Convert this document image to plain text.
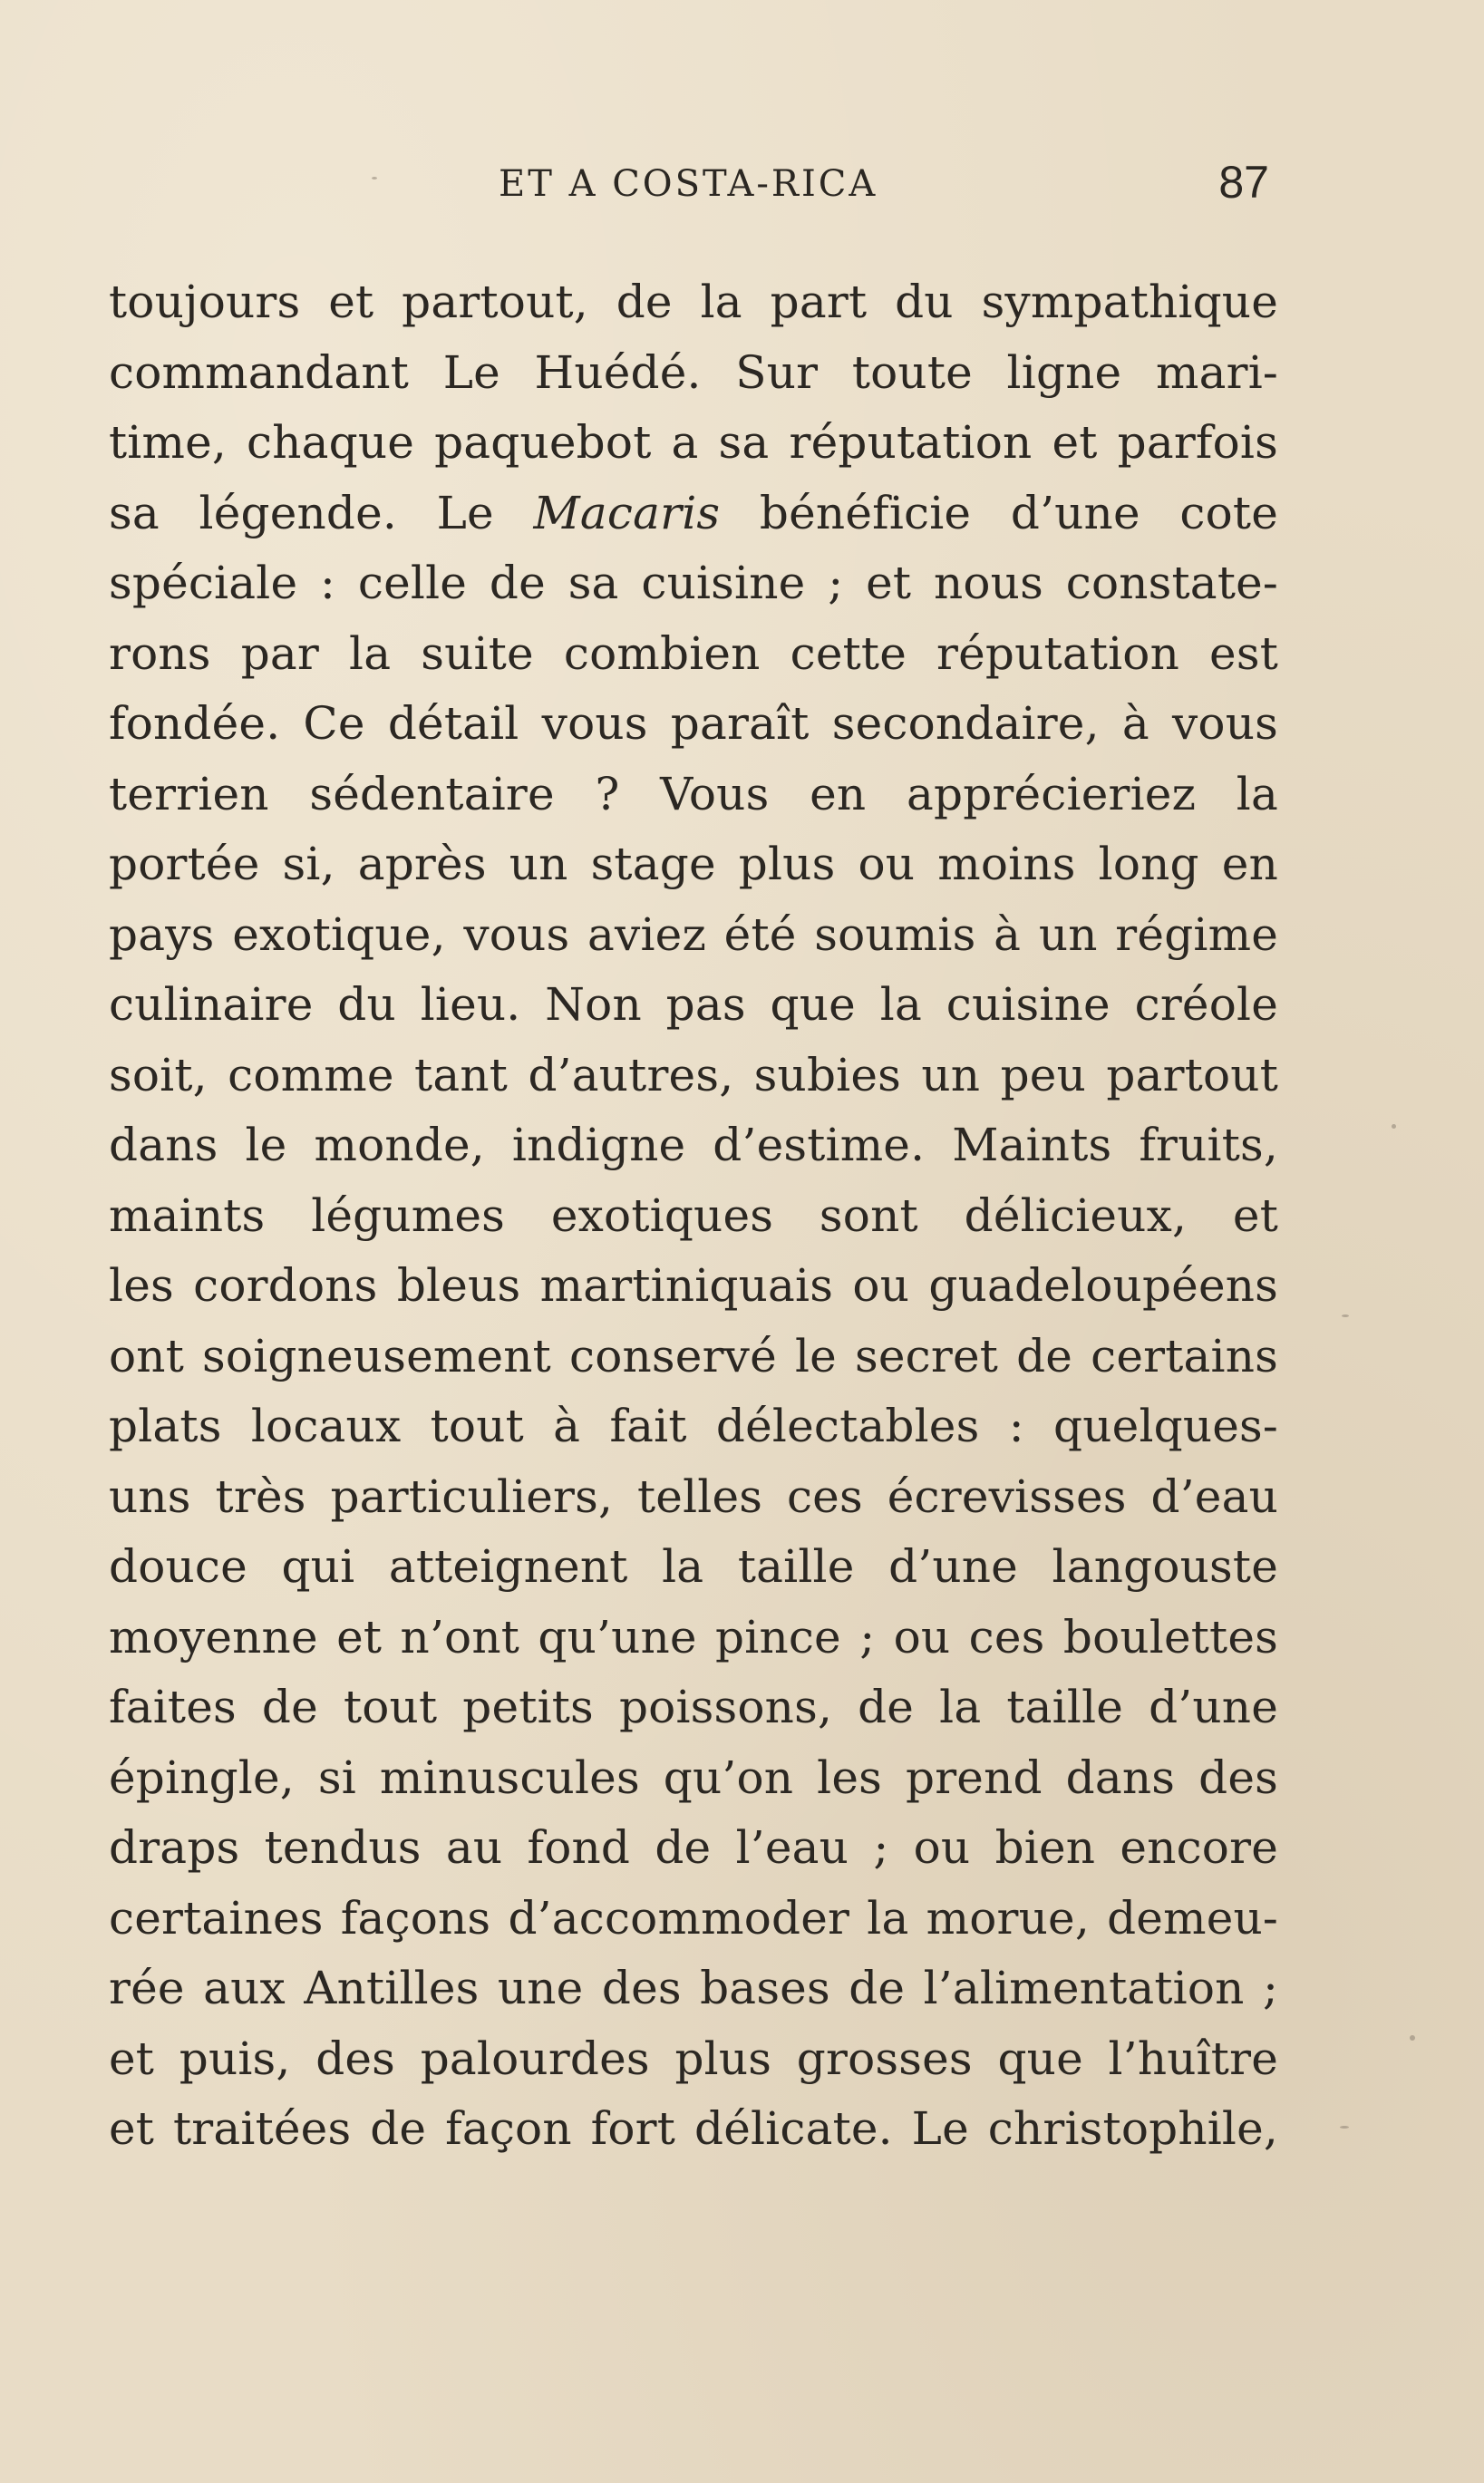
ET A COSTA-RICA	87
toujours et partout, de la part du sympathique
commandant Le Huédé. Sur toute ligne mari-
time, chaque paquebot a sa réputation et parfois
sa légende. Le Macaris bénéficie d’une cote
spéciale : celle de sa cuisine ; et nous constate-
rons par la suite combien cette réputation est
fondée. Ce détail vous paraît secondaire, à vous
terrien sédentaire ? Vous en apprécieriez la
portée si, après un stage plus ou moins long en
pays exotique, vous aviez été soumis à un régime
culinaire du lieu. Non pas que la cuisine créole
soit, comme tant d’autres, subies un peu partout
dans le monde, indigne d’estime. Maints fruits,
maints légumes exotiques sont délicieux, et
les cordons bleus martiniquais ou guadeloupéens
ont soigneusement conservé le secret de certains
plats locaux tout à fait délectables : quelques-
uns très particuliers, telles ces écrevisses d’eau
douce qui atteignent la taille d’une langouste
moyenne et n’ont qu’une pince ; ou ces boulettes
faites de tout petits poissons, de la taille d’une
épingle, si minuscules qu’on les prend dans des
draps tendus au fond de l’eau ; ou bien encore
certaines façons d’accommoder la morue, demeu-
rée aux Antilles une des bases de l’alimentation ;
et puis, des palourdes plus grosses que l’huître
et traitées de façon fort délicate. Le christophile,
